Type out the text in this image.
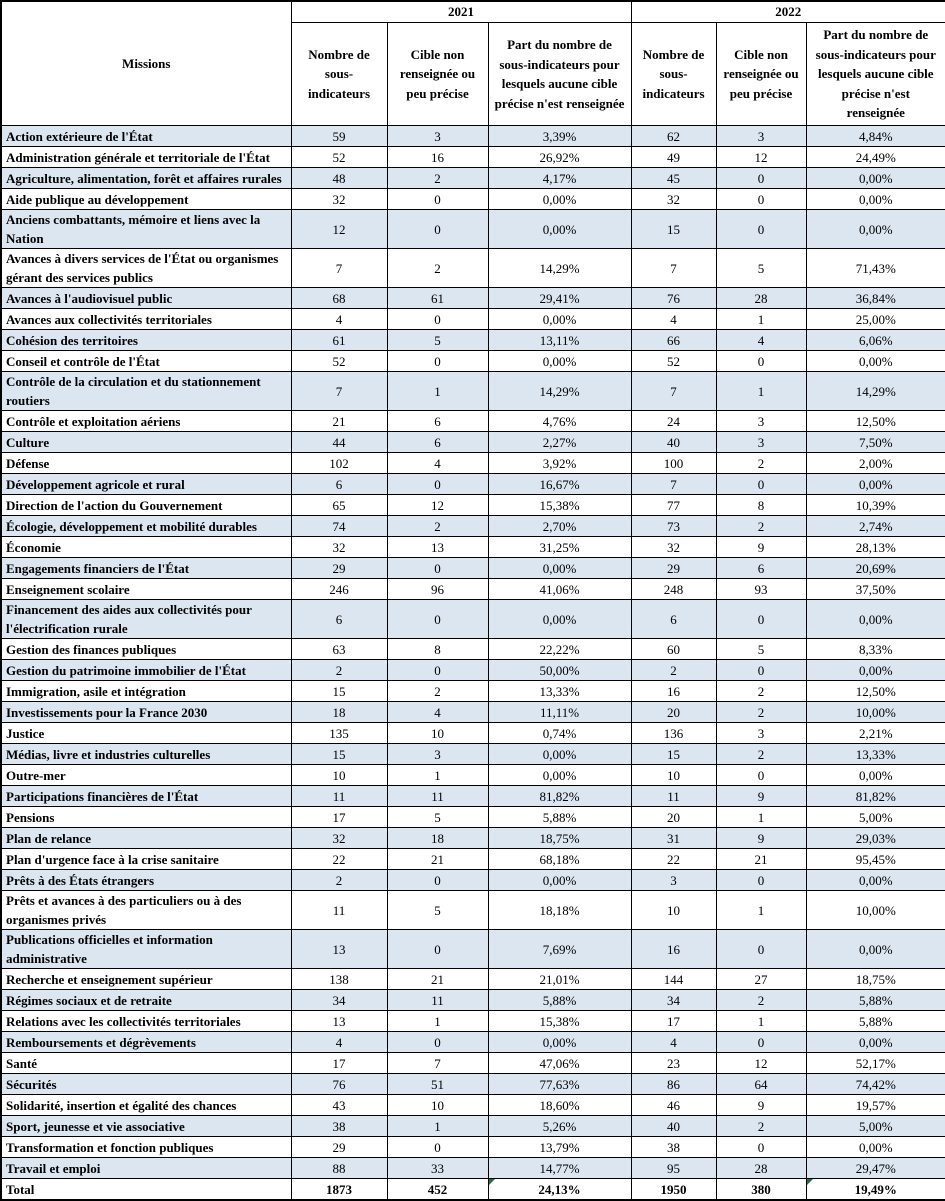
Missions	2021			2022		
	Nombre de sous-indicateurs	Cible non renseignée ou peu précise	Part du nombre de sous-indicateurs pour lesquels aucune cible précise n'est renseignée	Nombre de sous-indicateurs	Cible non renseignée ou peu précise	Part du nombre de sous-indicateurs pour lesquels aucune cible précise n'est renseignée
Action extérieure de l'État	59	3	3,39%	62	3	4,84%
Administration générale et territoriale de l'État	52	16	26,92%	49	12	24,49%
Agriculture, alimentation, forêt et affaires rurales	48	2	4,17%	45	0	0,00%
Aide publique au développement	32	0	0,00%	32	0	0,00%
Anciens combattants, mémoire et liens avec la Nation	12	0	0,00%	15	0	0,00%
Avances à divers services de l'État ou organismes gérant des services publics	7	2	14,29%	7	5	71,43%
Avances à l'audiovisuel public	68	61	29,41%	76	28	36,84%
Avances aux collectivités territoriales	4	0	0,00%	4	1	25,00%
Cohésion des territoires	61	5	13,11%	66	4	6,06%
Conseil et contrôle de l'État	52	0	0,00%	52	0	0,00%
Contrôle de la circulation et du stationnement routiers	7	1	14,29%	7	1	14,29%
Contrôle et exploitation aériens	21	6	4,76%	24	3	12,50%
Culture	44	6	2,27%	40	3	7,50%
Défense	102	4	3,92%	100	2	2,00%
Développement agricole et rural	6	0	16,67%	7	0	0,00%
Direction de l'action du Gouvernement	65	12	15,38%	77	8	10,39%
Écologie, développement et mobilité durables	74	2	2,70%	73	2	2,74%
Économie	32	13	31,25%	32	9	28,13%
Engagements financiers de l'État	29	0	0,00%	29	6	20,69%
Enseignement scolaire	246	96	41,06%	248	93	37,50%
Financement des aides aux collectivités pour l'électrification rurale	6	0	0,00%	6	0	0,00%
Gestion des finances publiques	63	8	22,22%	60	5	8,33%
Gestion du patrimoine immobilier de l'État	2	0	50,00%	2	0	0,00%
Immigration, asile et intégration	15	2	13,33%	16	2	12,50%
Investissements pour la France 2030	18	4	11,11%	20	2	10,00%
Justice	135	10	0,74%	136	3	2,21%
Médias, livre et industries culturelles	15	3	0,00%	15	2	13,33%
Outre-mer	10	1	0,00%	10	0	0,00%
Participations financières de l'État	11	11	81,82%	11	9	81,82%
Pensions	17	5	5,88%	20	1	5,00%
Plan de relance	32	18	18,75%	31	9	29,03%
Plan d'urgence face à la crise sanitaire	22	21	68,18%	22	21	95,45%
Prêts à des États étrangers	2	0	0,00%	3	0	0,00%
Prêts et avances à des particuliers ou à des organismes privés	11	5	18,18%	10	1	10,00%
Publications officielles et information administrative	13	0	7,69%	16	0	0,00%
Recherche et enseignement supérieur	138	21	21,01%	144	27	18,75%
Régimes sociaux et de retraite	34	11	5,88%	34	2	5,88%
Relations avec les collectivités territoriales	13	1	15,38%	17	1	5,88%
Remboursements et dégrèvements	4	0	0,00%	4	0	0,00%
Santé	17	7	47,06%	23	12	52,17%
Sécurités	76	51	77,63%	86	64	74,42%
Solidarité, insertion et égalité des chances	43	10	18,60%	46	9	19,57%
Sport, jeunesse et vie associative	38	1	5,26%	40	2	5,00%
Transformation et fonction publiques	29	0	13,79%	38	0	0,00%
Travail et emploi	88	33	14,77%	95	28	29,47%
Total	1873	452	24,13%	1950	380	19,49%
